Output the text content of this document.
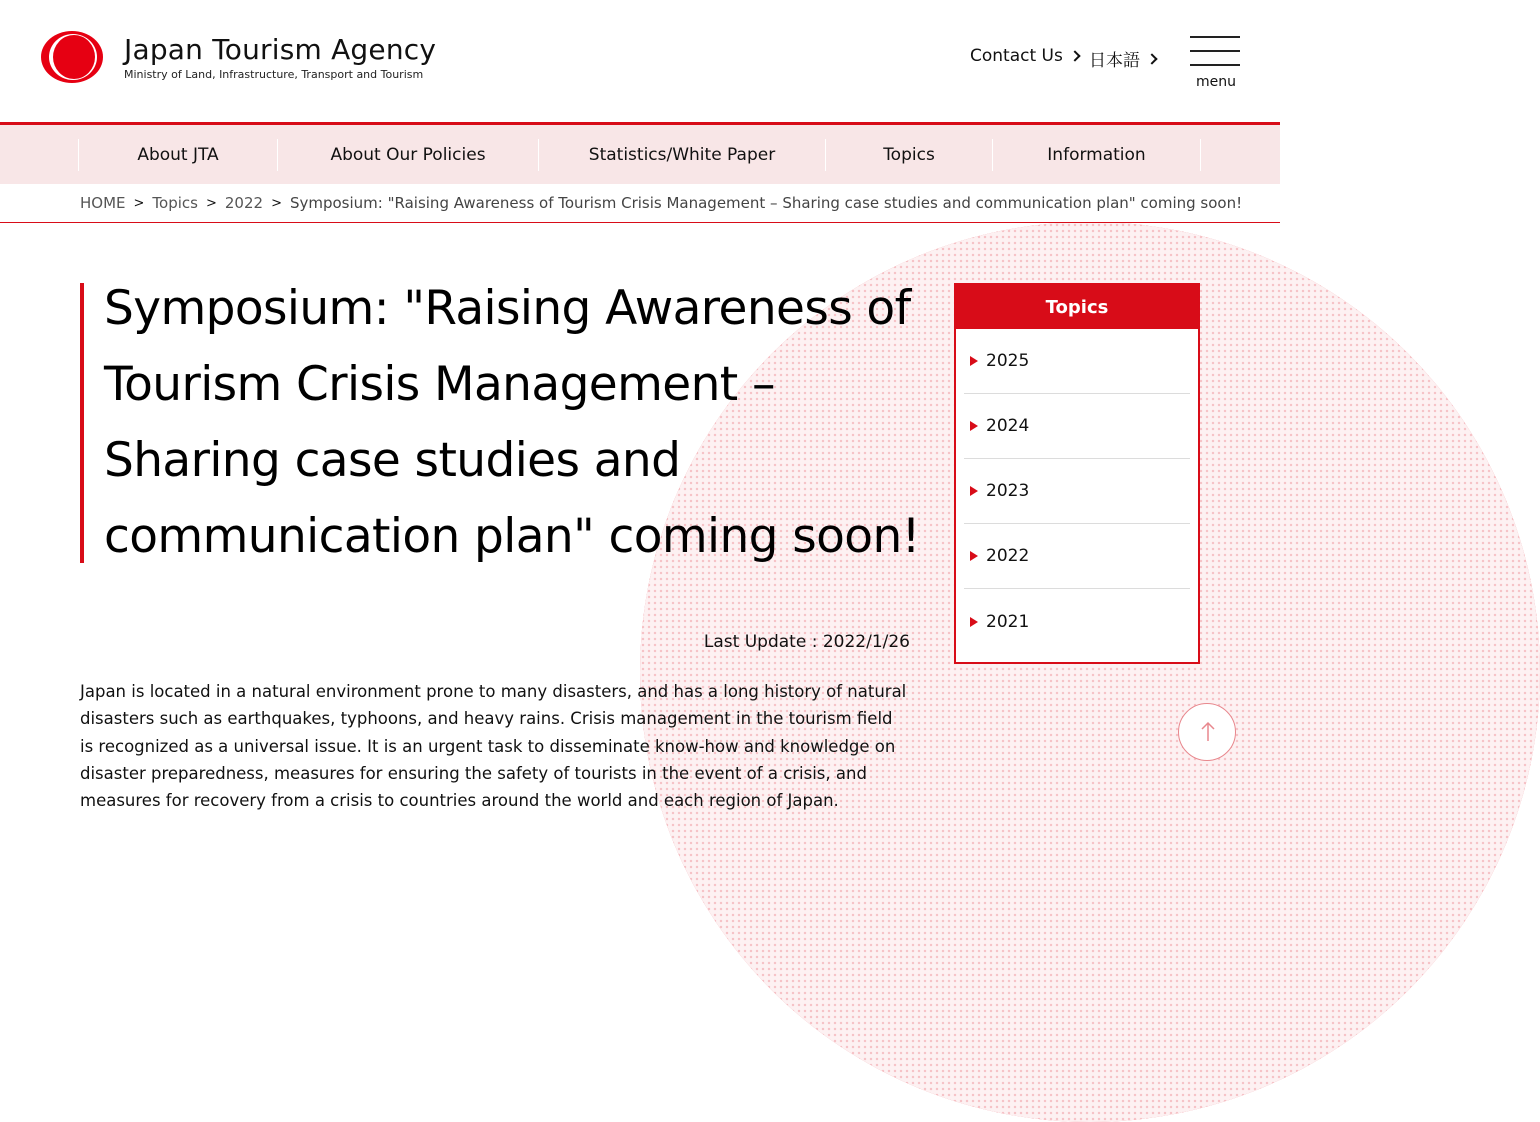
Japan Tourism Agency
Ministry of Land, Infrastructure, Transport and Tourism
Contact Us 日本語
menu
About JTA	About Our Policies	Statistics/White Paper	Topics	Information
HOME > Topics > 2022 > Symposium: "Raising Awareness of Tourism Crisis Management – Sharing case studies and communication plan" coming soon!
Symposium: "Raising Awareness of Tourism Crisis Management – Sharing case studies and communication plan" coming soon!
Last Update : 2022/1/26

Japan is located in a natural environment prone to many disasters, and has a long history of natural disasters such as earthquakes, typhoons, and heavy rains. Crisis management in the tourism field is recognized as a universal issue. It is an urgent task to disseminate know-how and knowledge on disaster preparedness, measures for ensuring the safety of tourists in the event of a crisis, and measures for recovery from a crisis to countries around the world and each region of Japan.

Topics
2025
2024
2023
2022
2021
